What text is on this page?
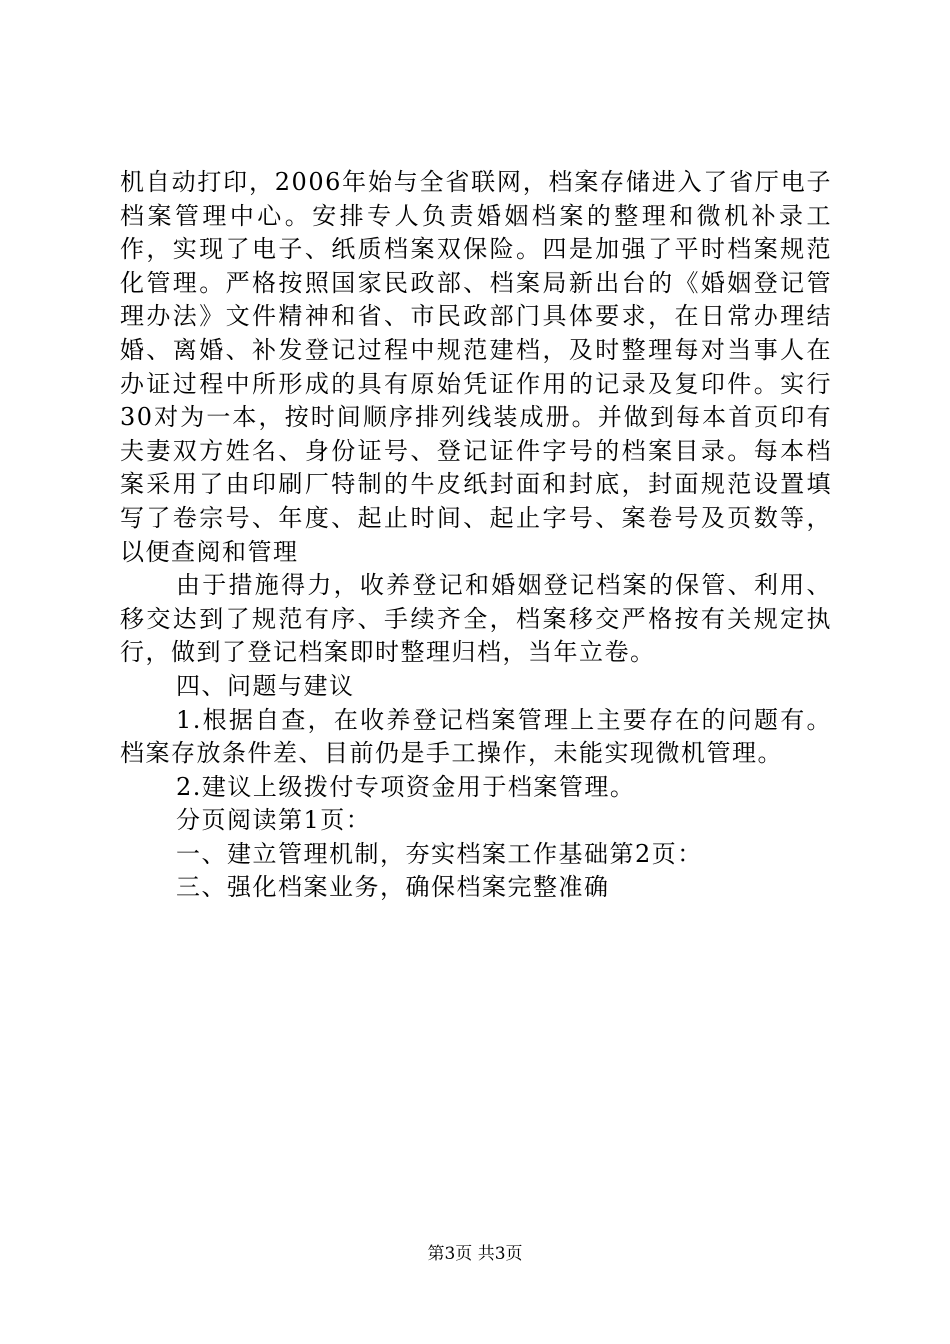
机自动打印，2006年始与全省联网，档案存储进入了省厅电子档案管理中心。安排专人负责婚姻档案的整理和微机补录工作，实现了电子、纸质档案双保险。四是加强了平时档案规范化管理。严格按照国家民政部、档案局新出台的《婚姻登记管理办法》文件精神和省、市民政部门具体要求，在日常办理结婚、离婚、补发登记过程中规范建档，及时整理每对当事人在办证过程中所形成的具有原始凭证作用的记录及复印件。实行30对为一本，按时间顺序排列线装成册。并做到每本首页印有夫妻双方姓名、身份证号、登记证件字号的档案目录。每本档案采用了由印刷厂特制的牛皮纸封面和封底，封面规范设置填写了卷宗号、年度、起止时间、起止字号、案卷号及页数等，以便查阅和管理

由于措施得力，收养登记和婚姻登记档案的保管、利用、移交达到了规范有序、手续齐全，档案移交严格按有关规定执行，做到了登记档案即时整理归档，当年立卷。

四、问题与建议

1.根据自查，在收养登记档案管理上主要存在的问题有。档案存放条件差、目前仍是手工操作，未能实现微机管理。

2.建议上级拨付专项资金用于档案管理。

分页阅读第1页：

一、建立管理机制，夯实档案工作基础第2页：

三、强化档案业务，确保档案完整准确

第3页 共3页
